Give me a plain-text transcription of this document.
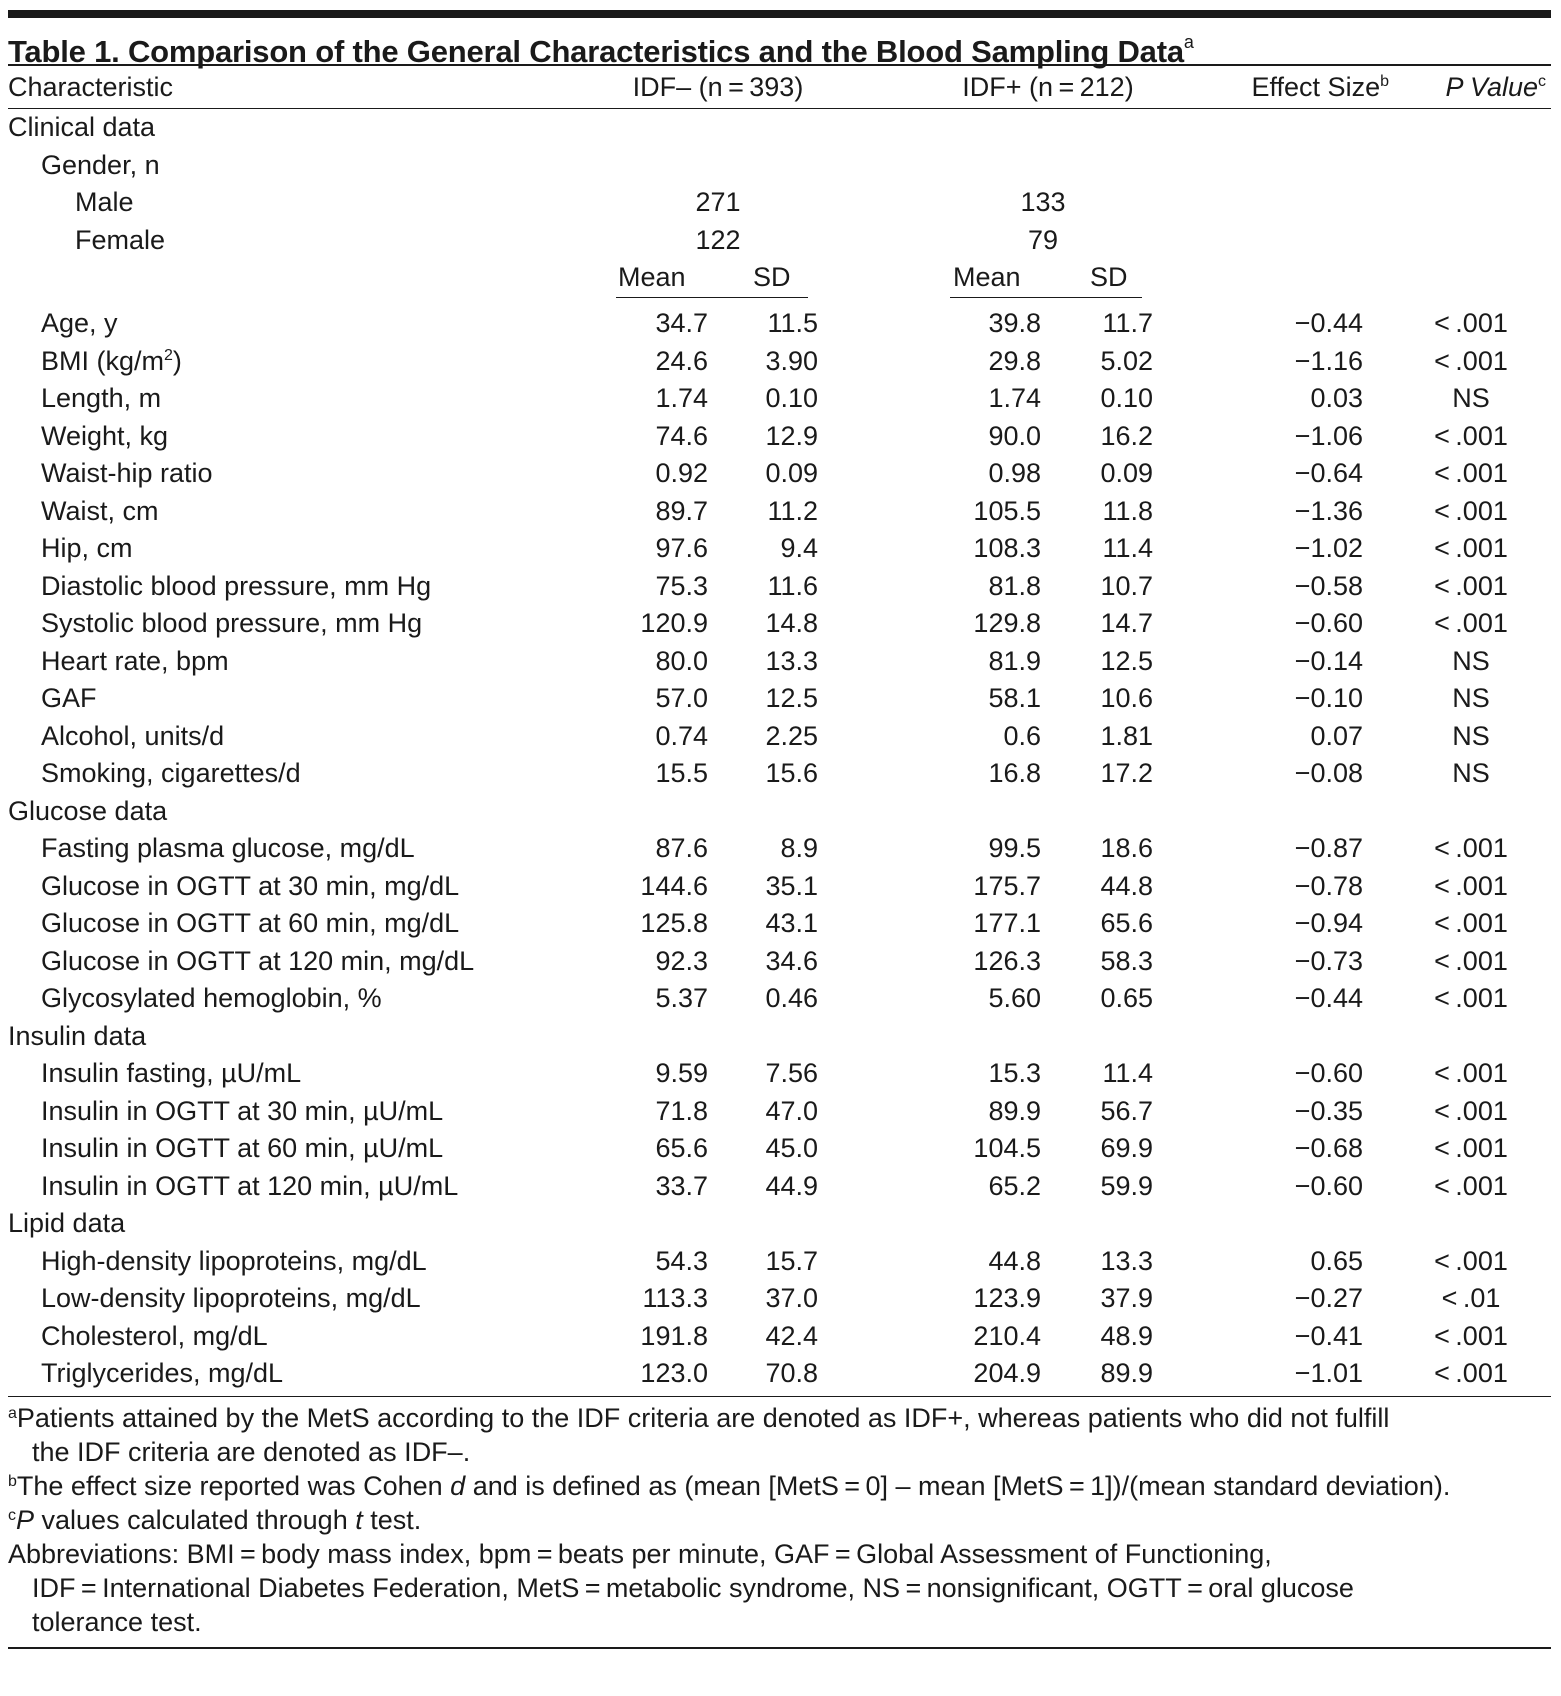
Table 1. Comparison of the General Characteristics and the Blood Sampling Data$^a$
Characteristic	IDF– (n = 393)	IDF+ (n = 212)	Effect Size$^b$ P Value$^c$
Clinical data
Gender, n
Male	271	133
Female	122	79
Mean SD	Mean	SD
Age, y	34.7 11.5	39.8 11.7	−0.44	< .001
BMI $(kg/m^2)$	24.6 3.90	29.8 5.02	−1.16	< .001
Length, m	1.74 0.10	1.74 0.10	0.03	NS
Weight, kg	74.6 12.9	90.0 16.2	−1.06	< .001
Waist-hip ratio	0.92 0.09	0.98 0.09	−0.64	< .001
Waist, cm	89.7 11.2	105.5 11.8	−1.36	< .001
Hip, cm	97.6	9.4	108.3 11.4	−1.02	< .001
Diastolic blood pressure, mm Hg	75.3 11.6	81.8 10.7	−0.58	< .001
Systolic blood pressure, mm Hg	120.9 14.8	129.8 14.7	−0.60	< .001
Heart rate, bpm	80.0 13.3	81.9 12.5	−0.14	NS
GAF	57.0 12.5	58.1 10.6	−0.10	NS
Alcohol, units/d	0.74 2.25	0.6 1.81	0.07	NS
Smoking, cigarettes/d	15.5 15.6	16.8 17.2	−0.08	NS
Glucose data
Fasting plasma glucose, mg/dL	87.6	8.9	99.5 18.6	−0.87	< .001
Glucose in OGTT at 30 min, mg/dL	144.6 35.1	175.7 44.8	−0.78	< .001
Glucose in OGTT at 60 min, mg/dL	125.8 43.1	177.1 65.6	−0.94	< .001
Glucose in OGTT at 120 min, mg/dL	92.3 34.6	126.3 58.3	−0.73	< .001
Glycosylated hemoglobin, %	5.37 0.46	5.60 0.65	−0.44	< .001
Insulin data
Insulin fasting, µU/mL	9.59 7.56	15.3 11.4	−0.60	< .001
Insulin in OGTT at 30 min, µU/mL	71.8 47.0	89.9 56.7	−0.35	< .001
Insulin in OGTT at 60 min, µU/mL	65.6 45.0	104.5 69.9	−0.68	< .001
Insulin in OGTT at 120 min, µU/mL	33.7 44.9	65.2 59.9	−0.60	< .001
Lipid data
High-density lipoproteins, mg/dL	54.3 15.7	44.8 13.3	0.65	< .001
Low-density lipoproteins, mg/dL	113.3 37.0	123.9 37.9	−0.27	< .01
Cholesterol, mg/dL	191.8 42.4	210.4 48.9	−0.41	< .001
Triglycerides, mg/dL	123.0 70.8	204.9 89.9	−1.01	< .001

$^a$Patients attained by the MetS according to the IDF criteria are denoted as IDF+, whereas patients who did not fulfill

the IDF criteria are denoted as IDF–.

$^b$The effect size reported was Cohen d and is defined as (mean [MetS = 0] – mean [MetS = 1])/(mean standard deviation).

$^c$P values calculated through t test.

Abbreviations: BMI = body mass index, bpm = beats per minute, GAF = Global Assessment of Functioning,

IDF = International Diabetes Federation, MetS = metabolic syndrome, NS = nonsignificant, OGTT = oral glucose

tolerance test.
